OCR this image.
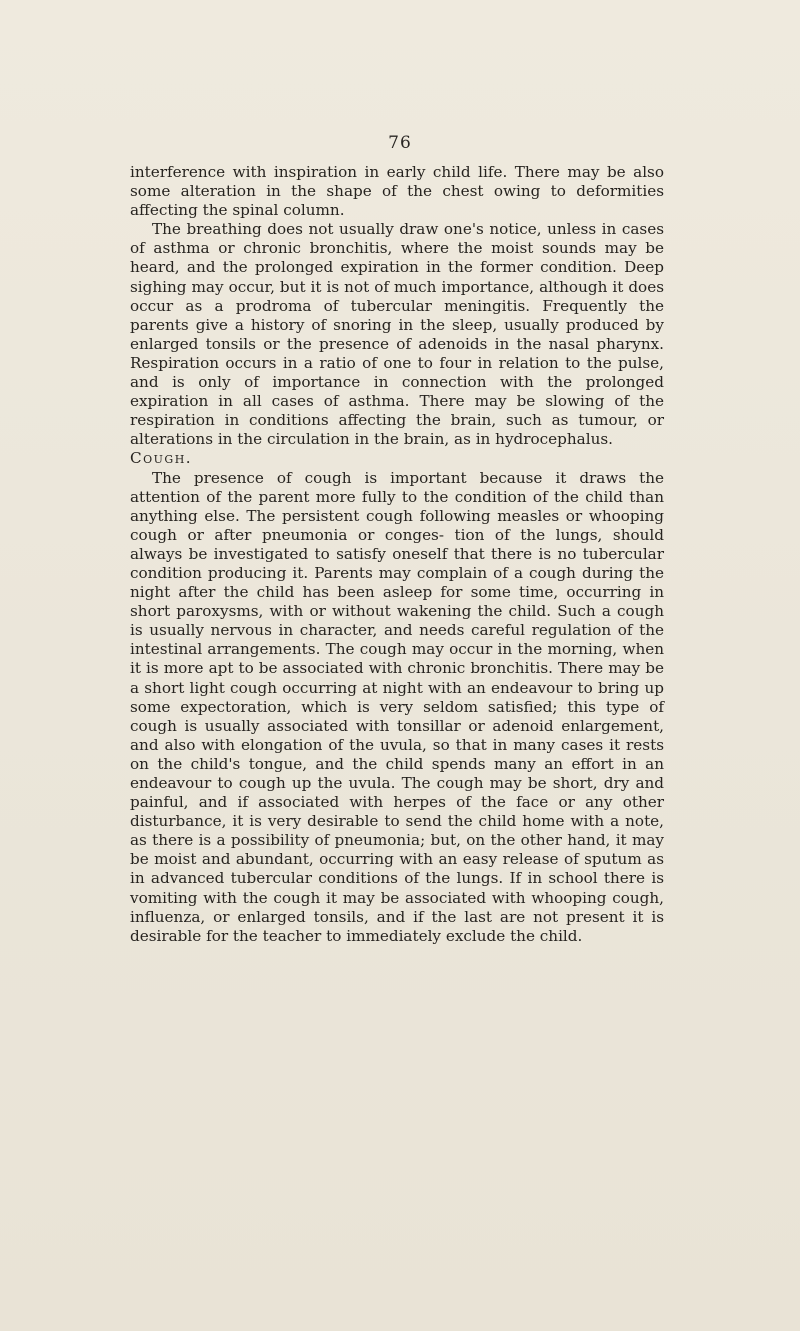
76

interference with inspiration in early child life. There may be also some alteration in the shape of the chest owing to deformities affecting the spinal column.

The breathing does not usually draw one's notice, unless in cases of asthma or chronic bronchitis, where the moist sounds may be heard, and the prolonged expiration in the former condition. Deep sighing may occur, but it is not of much importance, although it does occur as a prodroma of tubercular meningitis. Frequently the parents give a history of snoring in the sleep, usually produced by enlarged tonsils or the presence of adenoids in the nasal pharynx. Respiration occurs in a ratio of one to four in relation to the pulse, and is only of importance in connection with the prolonged expiration in all cases of asthma. There may be slowing of the respiration in conditions affecting the brain, such as tumour, or alterations in the circulation in the brain, as in hydrocephalus.

Cough.

The presence of cough is important because it draws the attention of the parent more fully to the condition of the child than anything else. The persistent cough following measles or whooping cough or after pneumonia or conges- tion of the lungs, should always be investigated to satisfy oneself that there is no tubercular condition producing it. Parents may complain of a cough during the night after the child has been asleep for some time, occurring in short paroxysms, with or without wakening the child. Such a cough is usually nervous in character, and needs careful regulation of the intestinal arrangements. The cough may occur in the morning, when it is more apt to be associated with chronic bronchitis. There may be a short light cough occurring at night with an endeavour to bring up some expectoration, which is very seldom satisfied; this type of cough is usually associated with tonsillar or adenoid enlargement, and also with elongation of the uvula, so that in many cases it rests on the child's tongue, and the child spends many an effort in an endeavour to cough up the uvula. The cough may be short, dry and painful, and if associated with herpes of the face or any other disturbance, it is very desirable to send the child home with a note, as there is a possibility of pneumonia; but, on the other hand, it may be moist and abundant, occurring with an easy release of sputum as in advanced tubercular conditions of the lungs. If in school there is vomiting with the cough it may be associated with whooping cough, influenza, or enlarged tonsils, and if the last are not present it is desirable for the teacher to immediately exclude the child.
